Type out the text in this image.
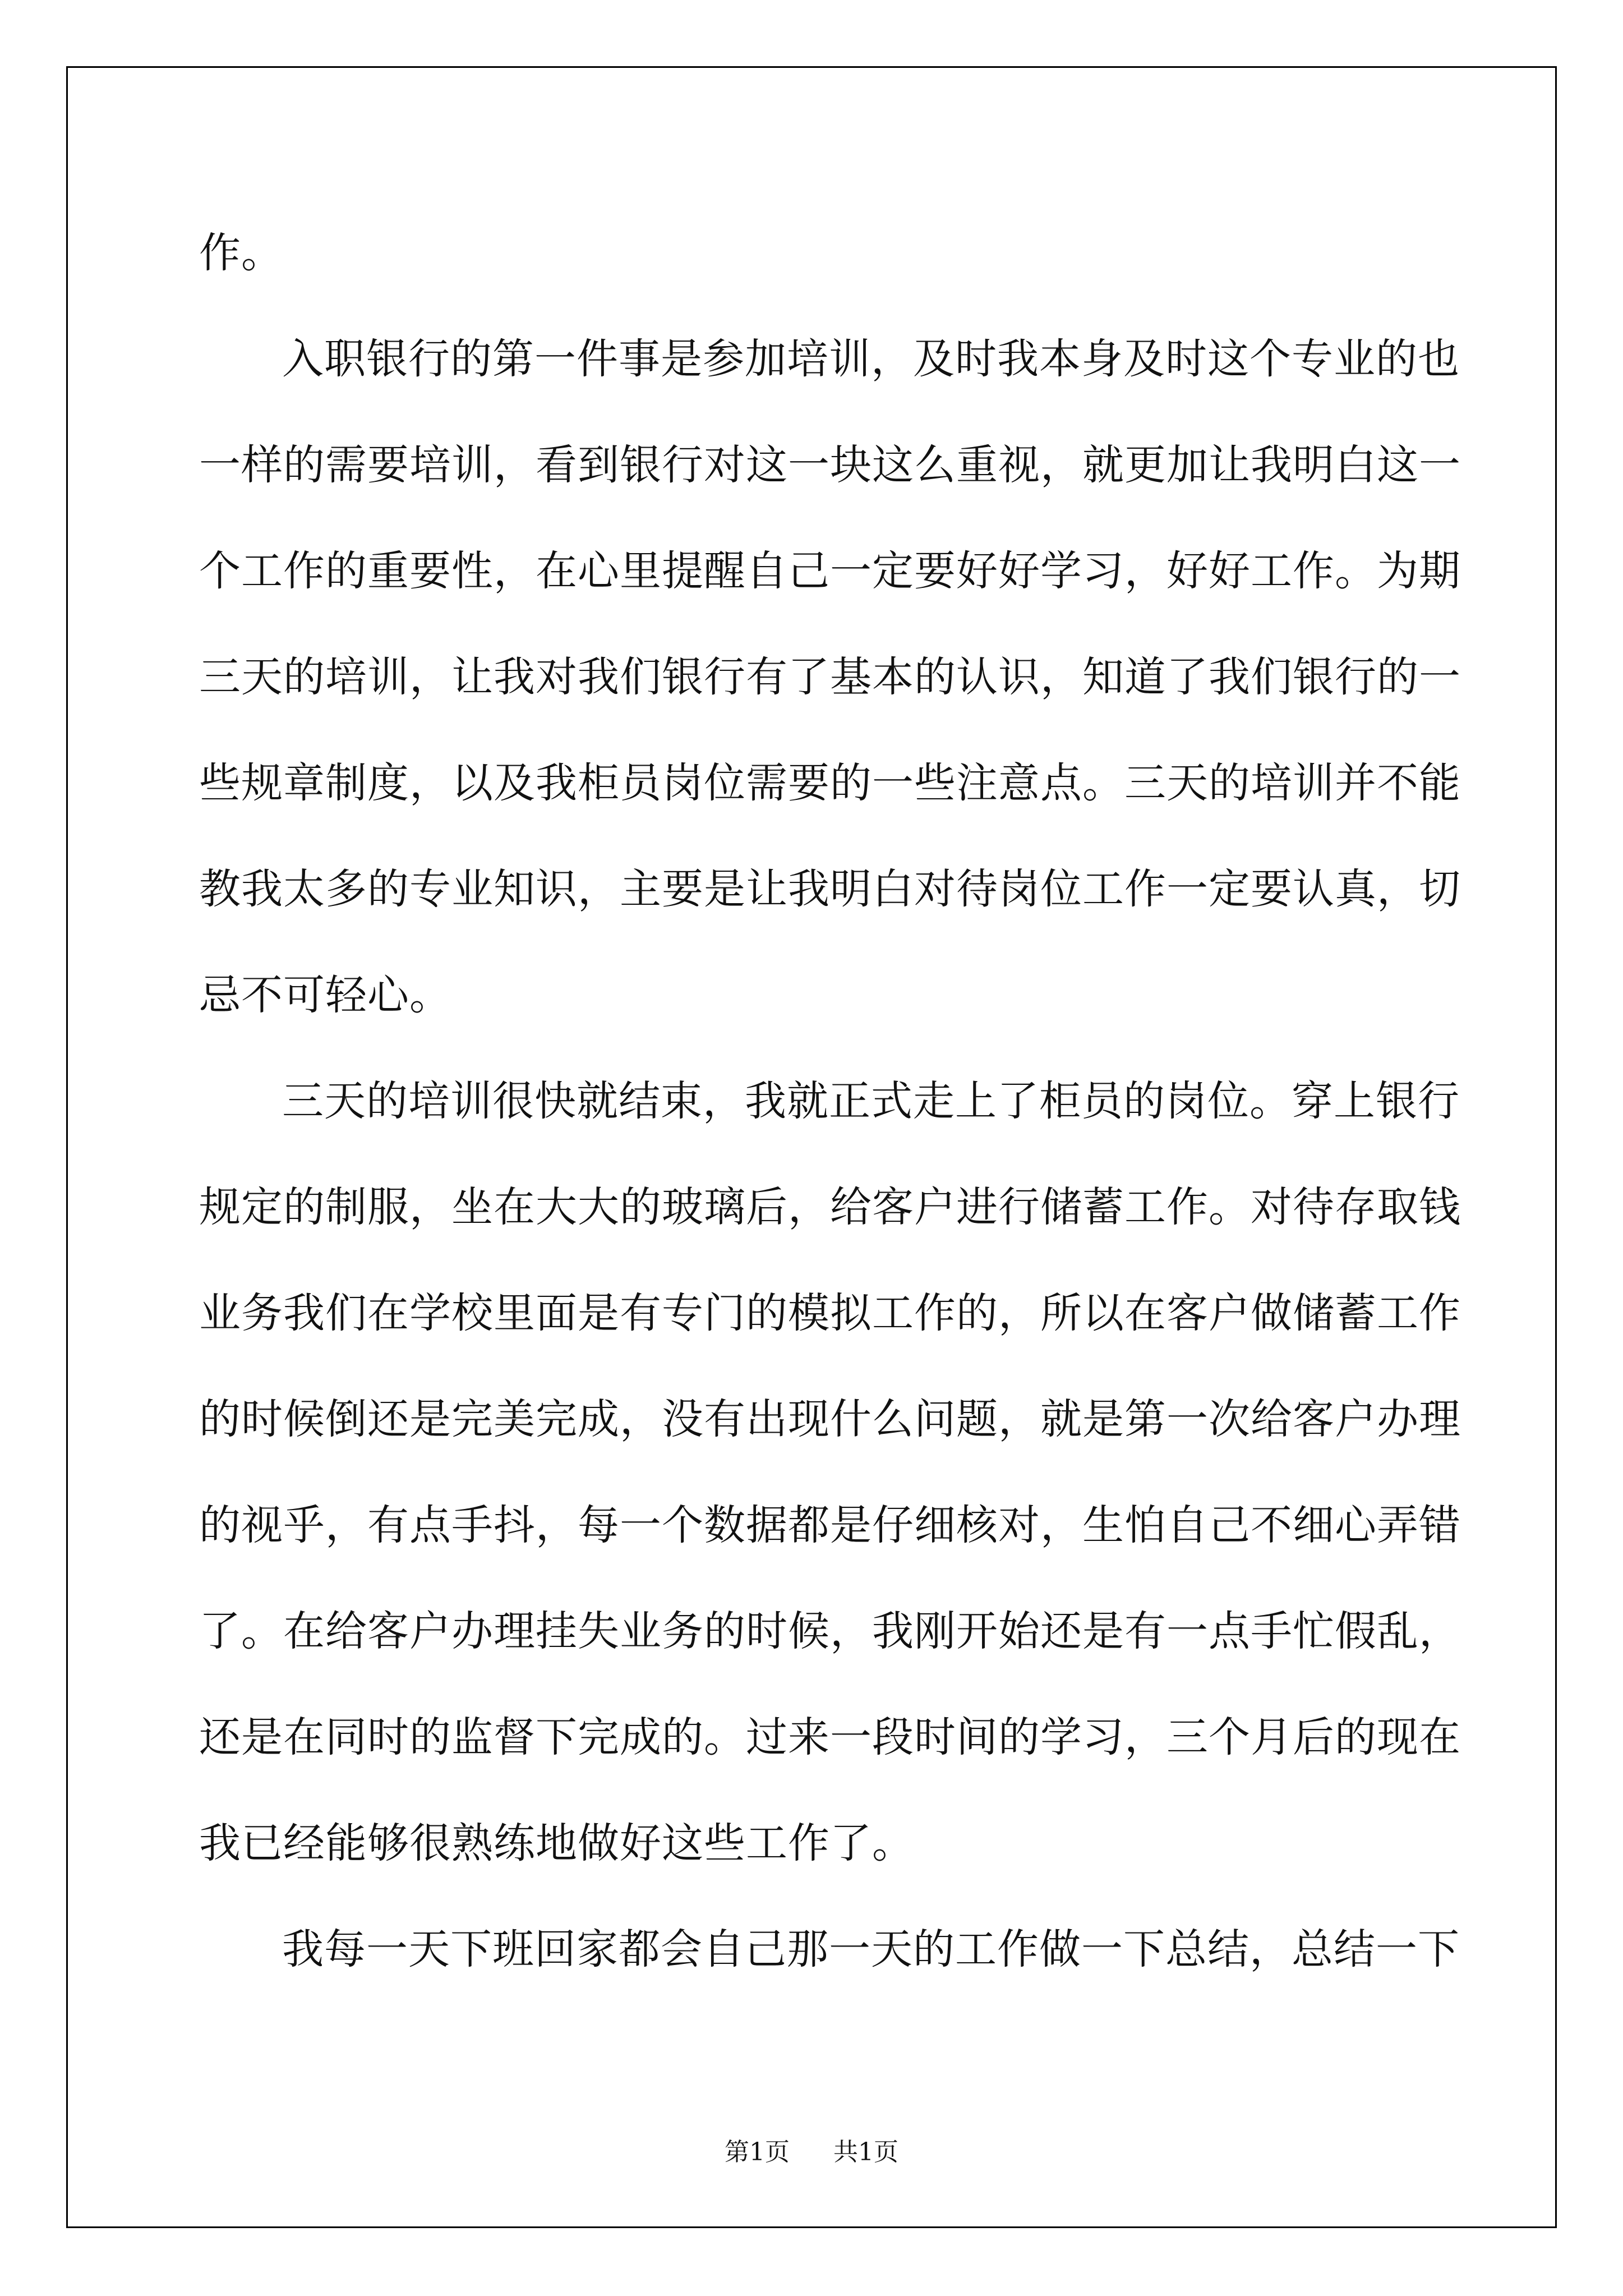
作。
入职银行的第一件事是参加培训，及时我本身及时这个专业的也
一样的需要培训，看到银行对这一块这么重视，就更加让我明白这一
个工作的重要性，在心里提醒自己一定要好好学习，好好工作。为期
三天的培训，让我对我们银行有了基本的认识，知道了我们银行的一
些规章制度，以及我柜员岗位需要的一些注意点。三天的培训并不能
教我太多的专业知识，主要是让我明白对待岗位工作一定要认真，切
忌不可轻心。
三天的培训很快就结束，我就正式走上了柜员的岗位。穿上银行
规定的制服，坐在大大的玻璃后，给客户进行储蓄工作。对待存取钱
业务我们在学校里面是有专门的模拟工作的，所以在客户做储蓄工作
的时候倒还是完美完成，没有出现什么问题，就是第一次给客户办理
的视乎，有点手抖，每一个数据都是仔细核对，生怕自己不细心弄错
了。在给客户办理挂失业务的时候，我刚开始还是有一点手忙假乱，
还是在同时的监督下完成的。过来一段时间的学习，三个月后的现在
我已经能够很熟练地做好这些工作了。
我每一天下班回家都会自己那一天的工作做一下总结，总结一下
第1页 共1页
